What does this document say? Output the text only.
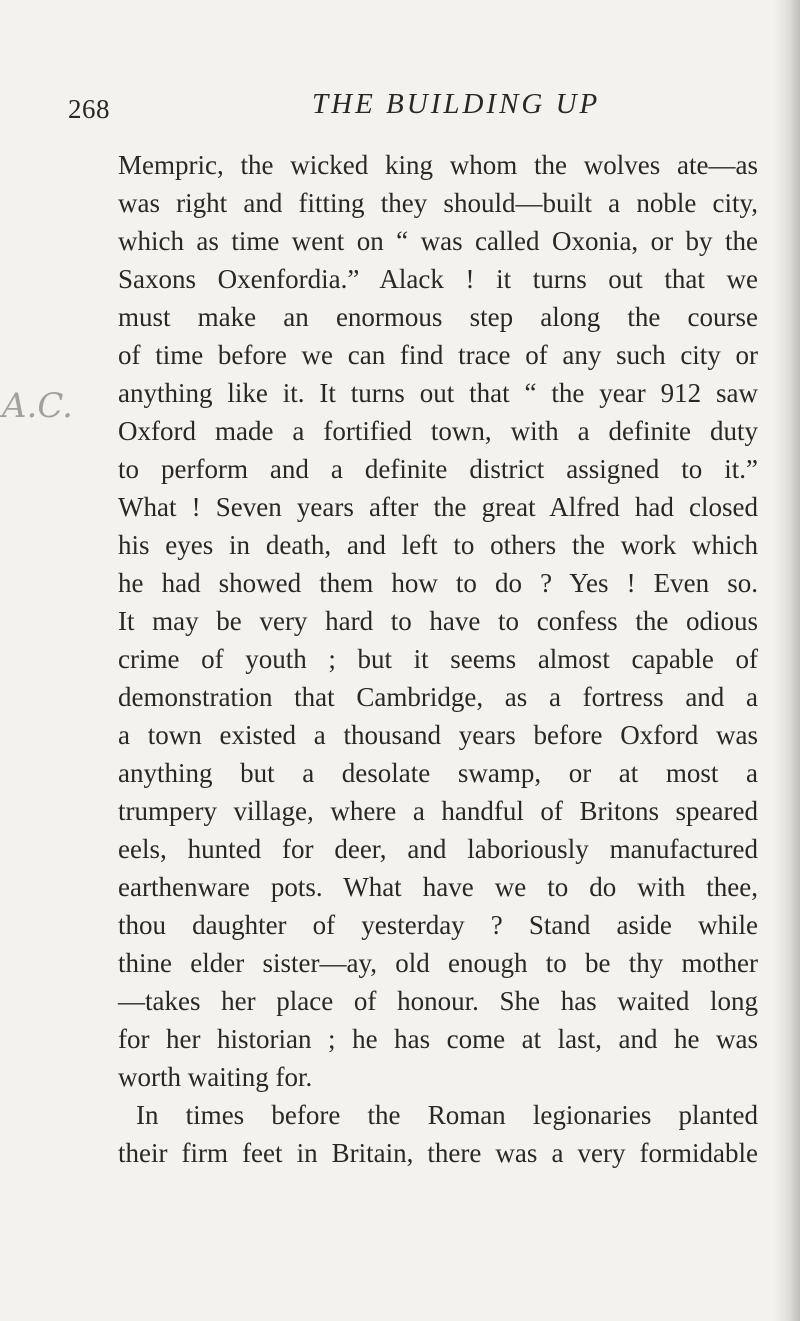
268	THE BUILDING UP
A.C.
Mempric, the wicked king whom the wolves ate—as
was right and fitting they should—built a noble city,
which as time went on “ was called Oxonia, or by the
Saxons Oxenfordia.” Alack ! it turns out that we
must make an enormous step along the course
of time before we can find trace of any such city or
anything like it. It turns out that “ the year 912 saw
Oxford made a fortified town, with a definite duty
to perform and a definite district assigned to it.”
What ! Seven years after the great Alfred had closed
his eyes in death, and left to others the work which
he had showed them how to do ? Yes ! Even so.
It may be very hard to have to confess the odious
crime of youth ; but it seems almost capable of
demonstration that Cambridge, as a fortress and a
a town existed a thousand years before Oxford was
anything but a desolate swamp, or at most a
trumpery village, where a handful of Britons speared
eels, hunted for deer, and laboriously manufactured
earthenware pots. What have we to do with thee,
thou daughter of yesterday ? Stand aside while
thine elder sister—ay, old enough to be thy mother
—takes her place of honour. She has waited long
for her historian ; he has come at last, and he was
worth waiting for.
In times before the Roman legionaries planted
their firm feet in Britain, there was a very formidable
